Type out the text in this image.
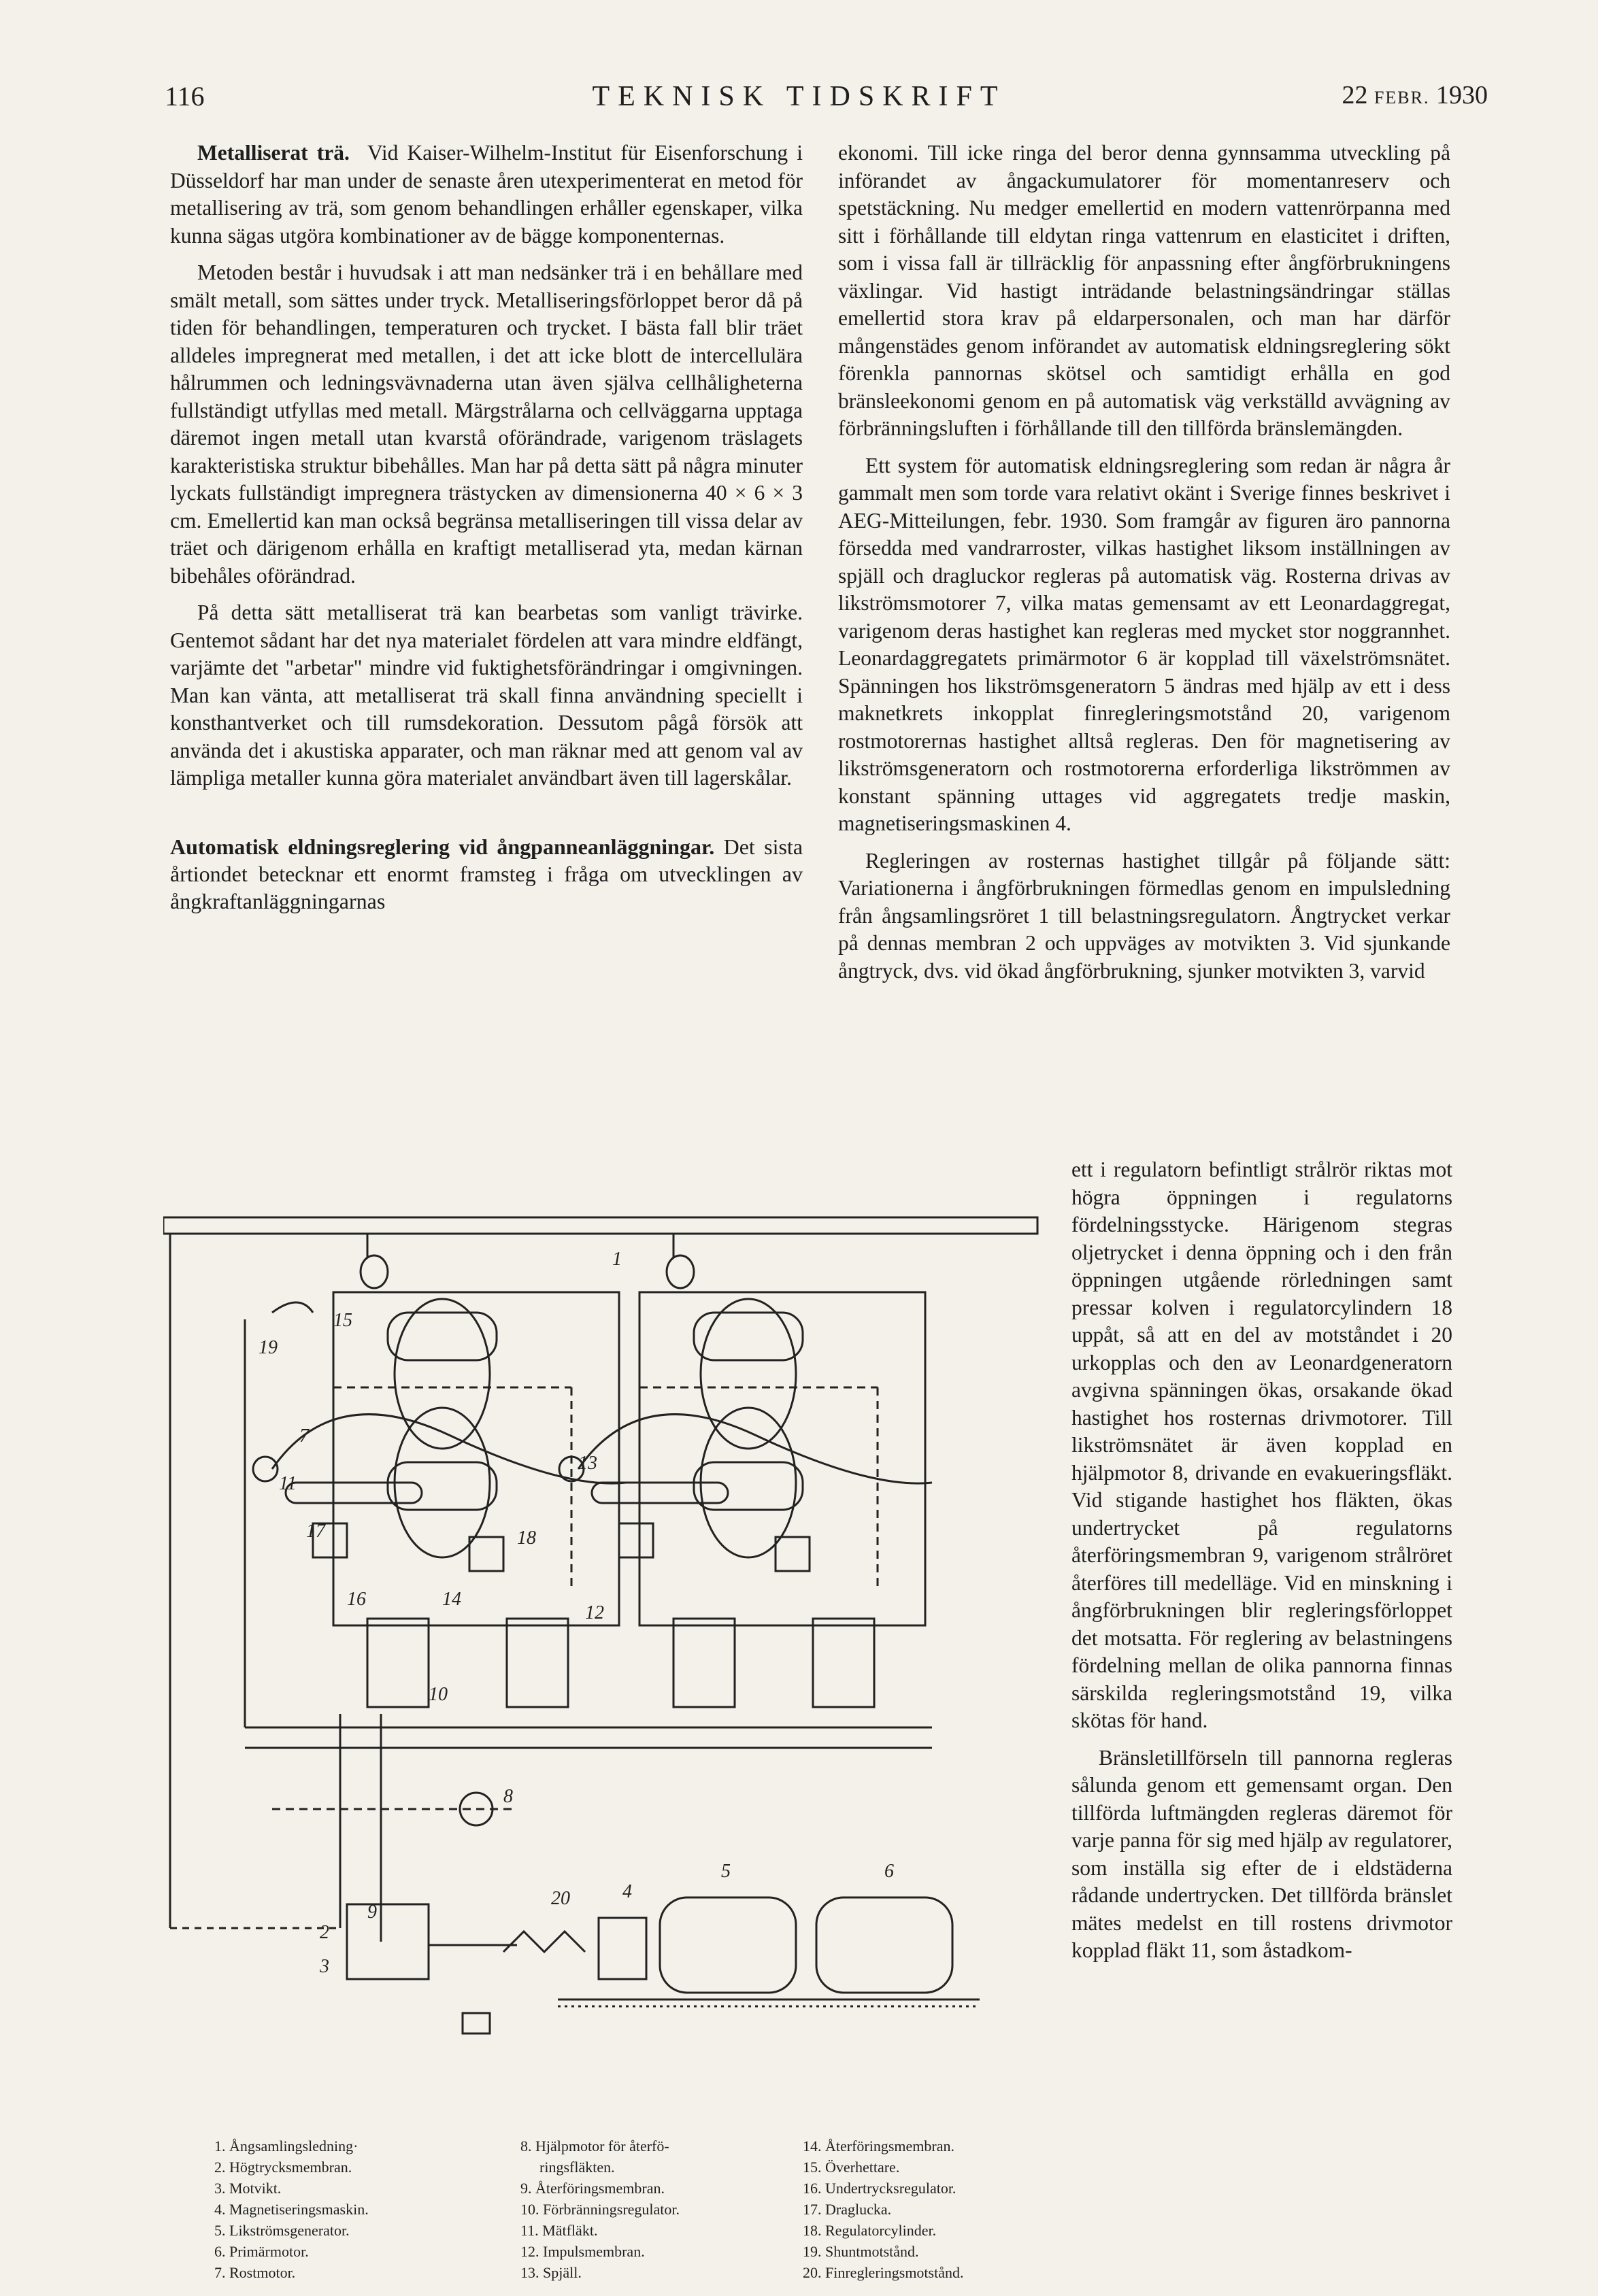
116	TEKNISK TIDSKRIFT	22 FEBR. 1930

Metalliserat trä. Vid Kaiser-Wilhelm-Institut für Eisenforschung i Düsseldorf har man under de senaste åren utexperimenterat en metod för metallisering av trä, som genom behandlingen erhåller egenskaper, vilka kunna sägas utgöra kombinationer av de bägge komponenternas.

Metoden består i huvudsak i att man nedsänker trä i en behållare med smält metall, som sättes under tryck. Metalliseringsförloppet beror då på tiden för behandlingen, temperaturen och trycket. I bästa fall blir träet alldeles impregnerat med metallen, i det att icke blott de intercellulära hålrummen och ledningsvävnaderna utan även själva cellhåligheterna fullständigt utfyllas med metall. Märgstrålarna och cellväggarna upptaga däremot ingen metall utan kvarstå oförändrade, varigenom träslagets karakteristiska struktur bibehålles. Man har på detta sätt på några minuter lyckats fullständigt impregnera trästycken av dimensionerna 40 × 6 × 3 cm. Emellertid kan man också begränsa metalliseringen till vissa delar av träet och därigenom erhålla en kraftigt metalliserad yta, medan kärnan bibehåles oförändrad.

På detta sätt metalliserat trä kan bearbetas som vanligt trävirke. Gentemot sådant har det nya materialet fördelen att vara mindre eldfängt, varjämte det "arbetar" mindre vid fuktighetsförändringar i omgivningen. Man kan vänta, att metalliserat trä skall finna användning speciellt i konsthantverket och till rumsdekoration. Dessutom pågå försök att använda det i akustiska apparater, och man räknar med att genom val av lämpliga metaller kunna göra materialet användbart även till lagerskålar.

Automatisk eldningsreglering vid ångpanneanläggningar. Det sista årtiondet betecknar ett enormt framsteg i fråga om utvecklingen av ångkraftanläggningarnas

ekonomi. Till icke ringa del beror denna gynnsamma utveckling på införandet av ångackumulatorer för momentanreserv och spetstäckning. Nu medger emellertid en modern vattenrörpanna med sitt i förhållande till eldytan ringa vattenrum en elasticitet i driften, som i vissa fall är tillräcklig för anpassning efter ångförbrukningens växlingar. Vid hastigt inträdande belastningsändringar ställas emellertid stora krav på eldarpersonalen, och man har därför mångenstädes genom införandet av automatisk eldningsreglering sökt förenkla pannornas skötsel och samtidigt erhålla en god bränsleekonomi genom en på automatisk väg verkställd avvägning av förbränningsluften i förhållande till den tillförda bränslemängden.

Ett system för automatisk eldningsreglering som redan är några år gammalt men som torde vara relativt okänt i Sverige finnes beskrivet i AEG-Mitteilungen, febr. 1930. Som framgår av figuren äro pannorna försedda med vandrarroster, vilkas hastighet liksom inställningen av spjäll och dragluckor regleras på automatisk väg. Rosterna drivas av likströmsmotorer 7, vilka matas gemensamt av ett Leonardaggregat, varigenom deras hastighet kan regleras med mycket stor noggrannhet. Leonardaggregatets primärmotor 6 är kopplad till växelströmsnätet. Spänningen hos likströmsgeneratorn 5 ändras med hjälp av ett i dess maknetkrets inkopplat finregleringsmotstånd 20, varigenom rostmotorernas hastighet alltså regleras. Den för magnetisering av likströmsgeneratorn och rostmotorerna erforderliga likströmmen av konstant spänning uttages vid aggregatets tredje maskin, magnetiseringsmaskinen 4.

Regleringen av rosternas hastighet tillgår på följande sätt: Variationerna i ångförbrukningen förmedlas genom en impulsledning från ångsamlingsröret 1 till belastningsregulatorn. Ångtrycket verkar på dennas membran 2 och uppväges av motvikten 3. Vid sjunkande ångtryck, dvs. vid ökad ångförbrukning, sjunker motvikten 3, varvid

ett i regulatorn befintligt strålrör riktas mot högra öppningen i regulatorns fördelningsstycke. Härigenom stegras oljetrycket i denna öppning och i den från öppningen utgående rörledningen samt pressar kolven i regulatorcylindern 18 uppåt, så att en del av motståndet i 20 urkopplas och den av Leonardgeneratorn avgivna spänningen ökas, orsakande ökad hastighet hos rosternas drivmotorer. Till likströmsnätet är även kopplad en hjälpmotor 8, drivande en evakueringsfläkt. Vid stigande hastighet hos fläkten, ökas undertrycket på regulatorns återföringsmembran 9, varigenom strålröret återföres till medelläge. Vid en minskning i ångförbrukningen blir regleringsförloppet det motsatta. För reglering av belastningens fördelning mellan de olika pannorna finnas särskilda regleringsmotstånd 19, vilka skötas för hand.

Bränsletillförseln till pannorna regleras sålunda genom ett gemensamt organ. Den tillförda luftmängden regleras däremot för varje panna för sig med hjälp av regulatorer, som inställa sig efter de i eldstäderna rådande undertrycken. Det tillförda bränslet mätes medelst en till rostens drivmotor kopplad fläkt 11, som åstadkom-

1
2
3
4
5	6
7
8
9
10
11
12
13
14
15
16
17	18
19
20
1. Ångsamlingsledning·
2. Högtrycksmembran.
3. Motvikt.
4. Magnetiseringsmaskin.
5. Likströmsgenerator.
6. Primärmotor.
7. Rostmotor.
8. Hjälpmotor för återfö-
ringsfläkten.
9. Återföringsmembran.
10. Förbränningsregulator.
11. Mätfläkt.
12. Impulsmembran.
13. Spjäll.
14. Återföringsmembran.
15. Överhettare.
16. Undertrycksregulator.
17. Draglucka.
18. Regulatorcylinder.
19. Shuntmotstånd.
20. Finregleringsmotstånd.
